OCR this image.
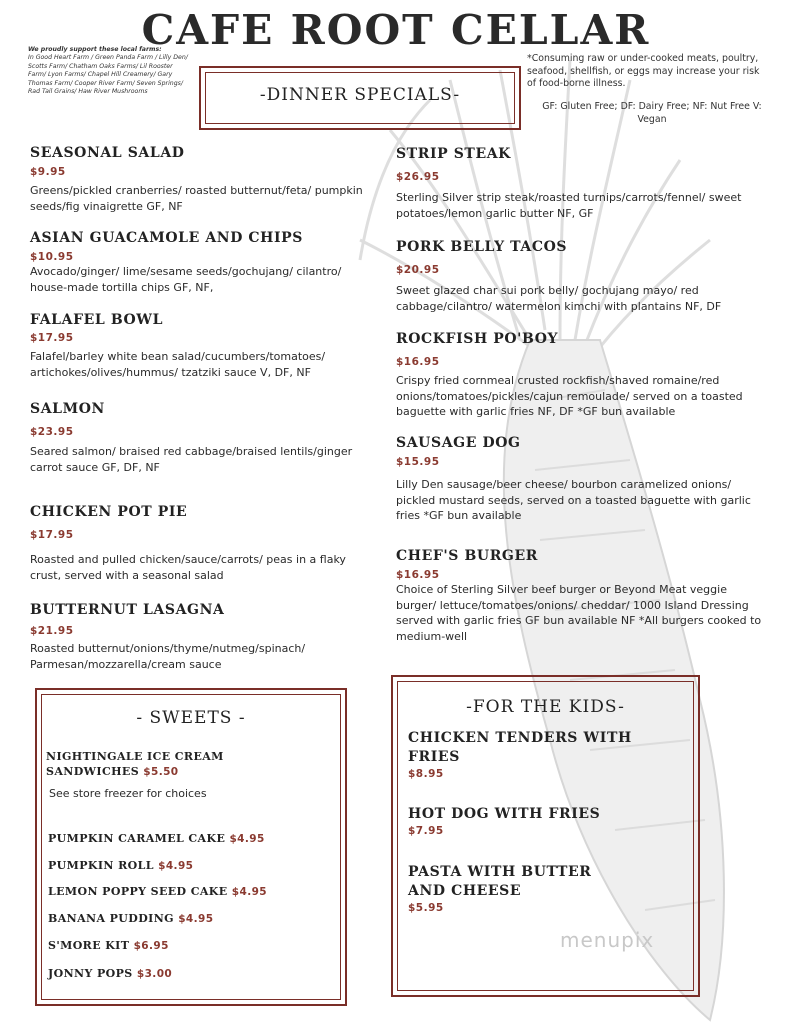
CAFE ROOT CELLAR
We proudly support these local farms:
In Good Heart Farm / Green Panda Farm / Lilly Den/ Scotts Farm/ Chatham Oaks Farms/ Lil Rooster Farm/ Lyon Farms/ Chapel Hill Creamery/ Gary Thomas Farm/ Cooper River Farm/ Seven Springs/ Rad Tail Grains/ Haw River Mushrooms
*Consuming raw or under-cooked meats, poultry, seafood, shellfish, or eggs may increase your risk of food-borne illness.
GF: Gluten Free; DF: Dairy Free; NF: Nut Free V: Vegan
-DINNER SPECIALS-
SEASONAL SALAD
$9.95
Greens/pickled cranberries/ roasted butternut/feta/ pumpkin seeds/fig vinaigrette GF, NF
ASIAN GUACAMOLE AND CHIPS
$10.95
Avocado/ginger/ lime/sesame seeds/gochujang/ cilantro/ house-made tortilla chips GF, NF,
FALAFEL BOWL
$17.95
Falafel/barley white bean salad/cucumbers/tomatoes/ artichokes/olives/hummus/ tzatziki sauce V, DF, NF
SALMON
$23.95
Seared salmon/ braised red cabbage/braised lentils/ginger carrot sauce GF, DF, NF
CHICKEN POT PIE
$17.95
Roasted and pulled chicken/sauce/carrots/ peas in a flaky crust, served with a seasonal salad
BUTTERNUT LASAGNA
$21.95
Roasted butternut/onions/thyme/nutmeg/spinach/ Parmesan/mozzarella/cream sauce
STRIP STEAK
$26.95
Sterling Silver strip steak/roasted turnips/carrots/fennel/ sweet potatoes/lemon garlic butter NF, GF
PORK BELLY TACOS
$20.95
Sweet glazed char sui pork belly/ gochujang mayo/ red cabbage/cilantro/ watermelon kimchi with plantains NF, DF
ROCKFISH PO'BOY
$16.95
Crispy fried cornmeal crusted rockfish/shaved romaine/red onions/tomatoes/pickles/cajun remoulade/ served on a toasted baguette with garlic fries NF, DF *GF bun available
SAUSAGE DOG
$15.95
Lilly Den sausage/beer cheese/ bourbon caramelized onions/ pickled mustard seeds, served on a toasted baguette with garlic fries *GF bun available
CHEF'S BURGER
$16.95
Choice of Sterling Silver beef burger or Beyond Meat veggie burger/ lettuce/tomatoes/onions/ cheddar/ 1000 Island Dressing served with garlic fries GF bun available NF *All burgers cooked to medium-well
- SWEETS -
NIGHTINGALE ICE CREAM
SANDWICHES $5.50
See store freezer for choices
PUMPKIN CARAMEL CAKE $4.95
PUMPKIN ROLL $4.95
LEMON POPPY SEED CAKE $4.95
BANANA PUDDING $4.95
S'MORE KIT $6.95
JONNY POPS $3.00
-FOR THE KIDS-
CHICKEN TENDERS WITH FRIES
$8.95
HOT DOG WITH FRIES
$7.95
PASTA WITH BUTTER AND CHEESE
$5.95
menupix
